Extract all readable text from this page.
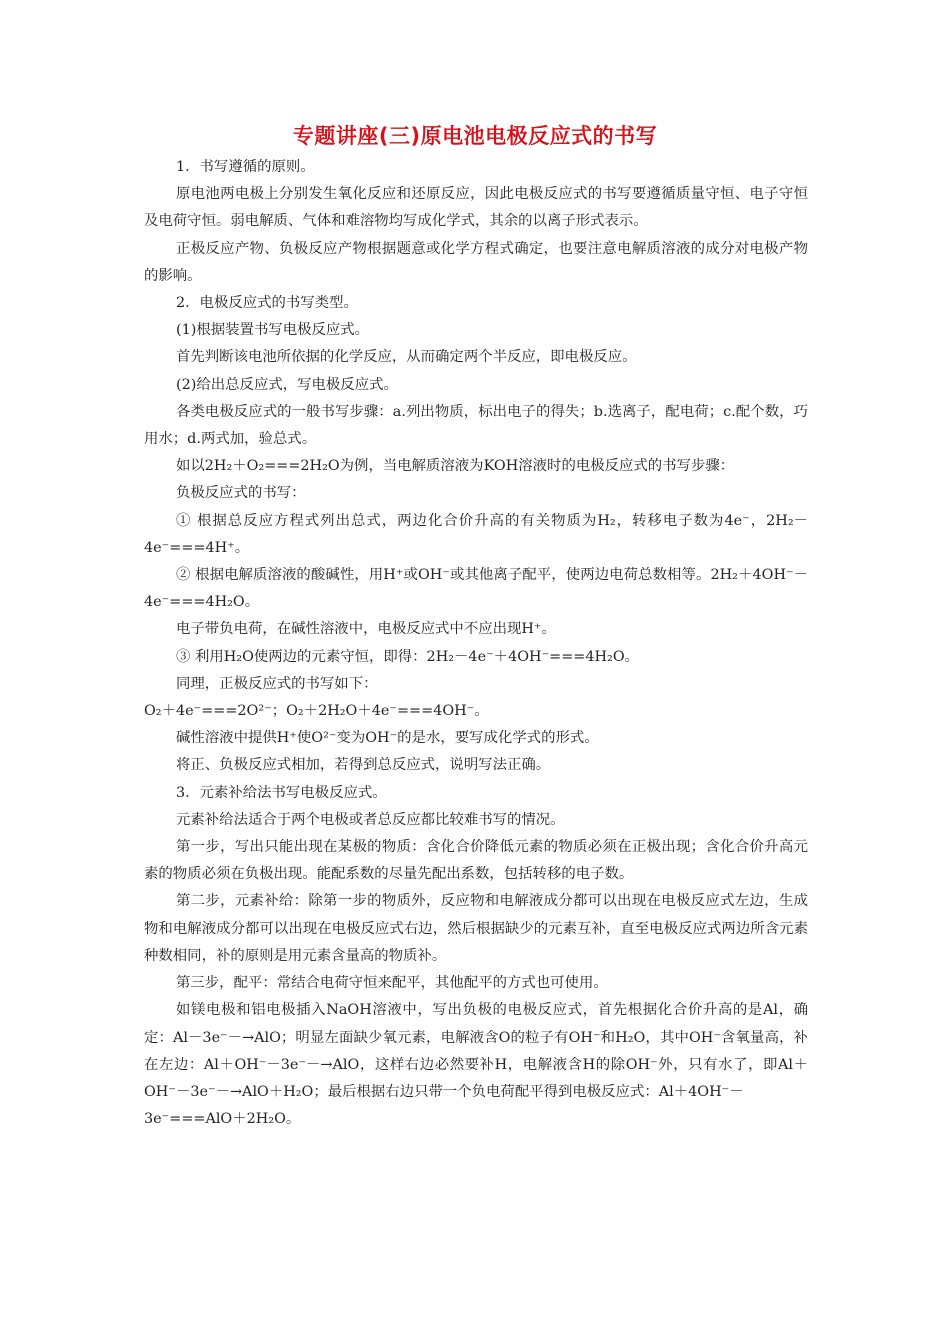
专题讲座(三)原电池电极反应式的书写

1．书写遵循的原则。

原电池两电极上分别发生氧化反应和还原反应，因此电极反应式的书写要遵循质量守恒、电子守恒及电荷守恒。弱电解质、气体和难溶物均写成化学式，其余的以离子形式表示。

正极反应产物、负极反应产物根据题意或化学方程式确定，也要注意电解质溶液的成分对电极产物的影响。

2．电极反应式的书写类型。

(1)根据装置书写电极反应式。

首先判断该电池所依据的化学反应，从而确定两个半反应，即电极反应。

(2)给出总反应式，写电极反应式。

各类电极反应式的一般书写步骤：a.列出物质，标出电子的得失；b.选离子，配电荷；c.配个数，巧用水；d.两式加，验总式。

如以2H₂＋O₂===2H₂O为例，当电解质溶液为KOH溶液时的电极反应式的书写步骤：

负极反应式的书写：

① 根据总反应方程式列出总式，两边化合价升高的有关物质为H₂，转移电子数为4e⁻，2H₂－4e⁻===4H⁺。

② 根据电解质溶液的酸碱性，用H⁺或OH⁻或其他离子配平，使两边电荷总数相等。2H₂＋4OH⁻－4e⁻===4H₂O。

电子带负电荷，在碱性溶液中，电极反应式中不应出现H⁺。

③ 利用H₂O使两边的元素守恒，即得：2H₂－4e⁻＋4OH⁻===4H₂O。

同理，正极反应式的书写如下：

O₂＋4e⁻===2O²⁻；O₂＋2H₂O＋4e⁻===4OH⁻。

碱性溶液中提供H⁺使O²⁻变为OH⁻的是水，要写成化学式的形式。

将正、负极反应式相加，若得到总反应式，说明写法正确。

3．元素补给法书写电极反应式。

元素补给法适合于两个电极或者总反应都比较难书写的情况。

第一步，写出只能出现在某极的物质：含化合价降低元素的物质必须在正极出现；含化合价升高元素的物质必须在负极出现。能配系数的尽量先配出系数，包括转移的电子数。

第二步，元素补给：除第一步的物质外，反应物和电解液成分都可以出现在电极反应式左边，生成物和电解液成分都可以出现在电极反应式右边，然后根据缺少的元素互补，直至电极反应式两边所含元素种数相同，补的原则是用元素含量高的物质补。

第三步，配平：常结合电荷守恒来配平，其他配平的方式也可使用。

如镁电极和铝电极插入NaOH溶液中，写出负极的电极反应式，首先根据化合价升高的是Al，确定：Al－3e⁻－→AlO；明显左面缺少氧元素，电解液含O的粒子有OH⁻和H₂O，其中OH⁻含氧量高，补在左边：Al＋OH⁻－3e⁻－→AlO，这样右边必然要补H，电解液含H的除OH⁻外，只有水了，即Al＋OH⁻－3e⁻－→AlO＋H₂O；最后根据右边只带一个负电荷配平得到电极反应式：Al＋4OH⁻－

3e⁻===AlO＋2H₂O。
